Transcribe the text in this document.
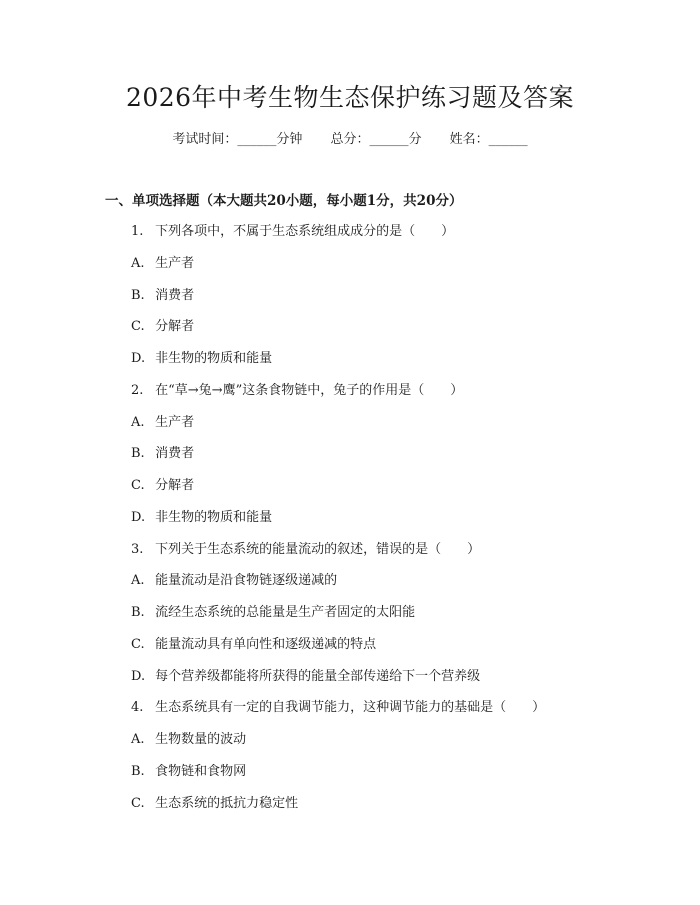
2026年中考生物生态保护练习题及答案
考试时间：______分钟 总分：______分 姓名：______
一、单项选择题（本大题共20小题，每小题1分，共20分）
1. 下列各项中，不属于生态系统组成成分的是（　　）
A. 生产者
B. 消费者
C. 分解者
D. 非生物的物质和能量
2. 在“草→兔→鹰”这条食物链中，兔子的作用是（　　）
A. 生产者
B. 消费者
C. 分解者
D. 非生物的物质和能量
3. 下列关于生态系统的能量流动的叙述，错误的是（　　）
A. 能量流动是沿食物链逐级递减的
B. 流经生态系统的总能量是生产者固定的太阳能
C. 能量流动具有单向性和逐级递减的特点
D. 每个营养级都能将所获得的能量全部传递给下一个营养级
4. 生态系统具有一定的自我调节能力，这种调节能力的基础是（　　）
A. 生物数量的波动
B. 食物链和食物网
C. 生态系统的抵抗力稳定性
